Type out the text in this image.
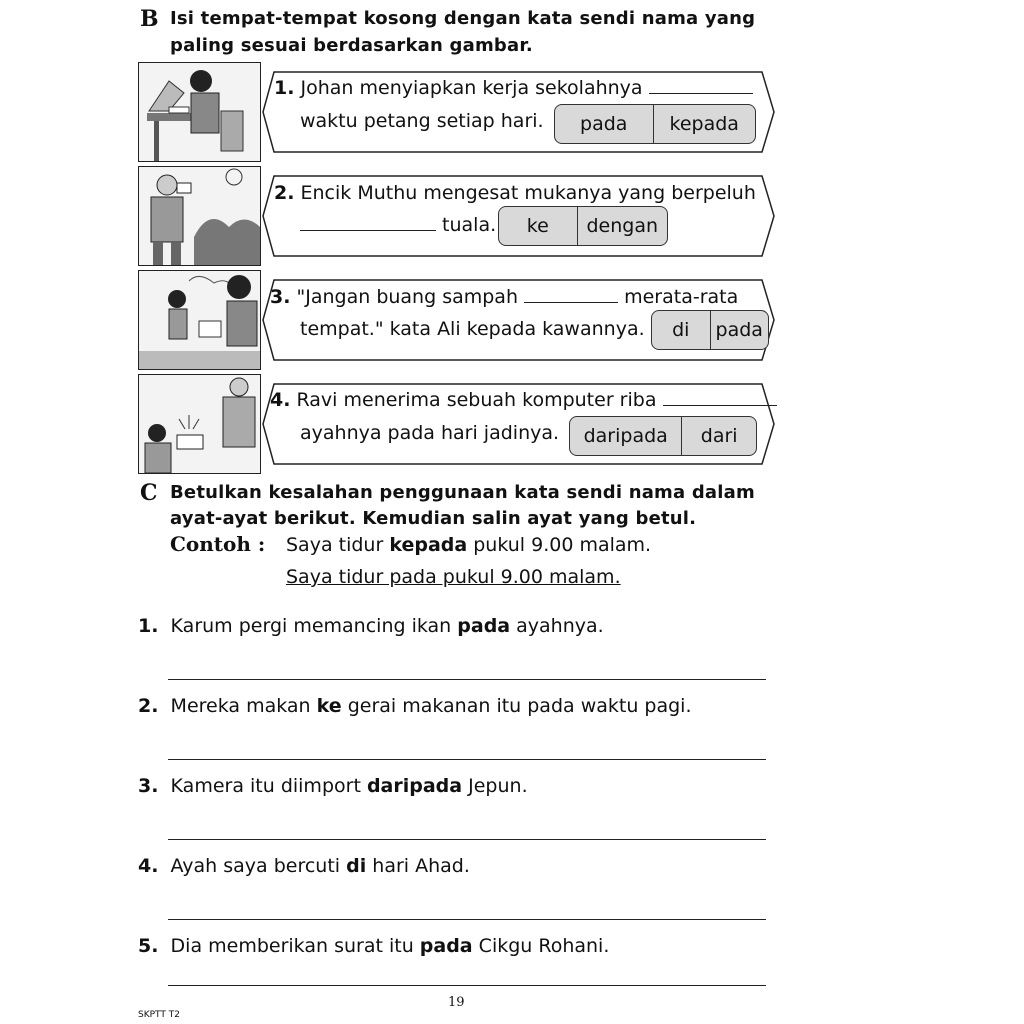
B Isi tempat-tempat kosong dengan kata sendi nama yang
paling sesuai berdasarkan gambar.
1. Johan menyiapkan kerja sekolahnya
waktu petang setiap hari.	pada	kepada
2. Encik Muthu mengesat mukanya yang berpeluh
tuala.	ke	dengan
3. "Jangan buang sampah	merata-rata
tempat." kata Ali kepada kawannya.	di	pada
4. Ravi menerima sebuah komputer riba
ayahnya pada hari jadinya.	daripada	dari
C Betulkan kesalahan penggunaan kata sendi nama dalam
ayat-ayat berikut. Kemudian salin ayat yang betul.
Contoh : Saya tidur kepada pukul 9.00 malam.
Saya tidur pada pukul 9.00 malam.
1. Karum pergi memancing ikan pada ayahnya.
2. Mereka makan ke gerai makanan itu pada waktu pagi.
3. Kamera itu diimport daripada Jepun.
4. Ayah saya bercuti di hari Ahad.
5. Dia memberikan surat itu pada Cikgu Rohani.
19
SKPTT T2
